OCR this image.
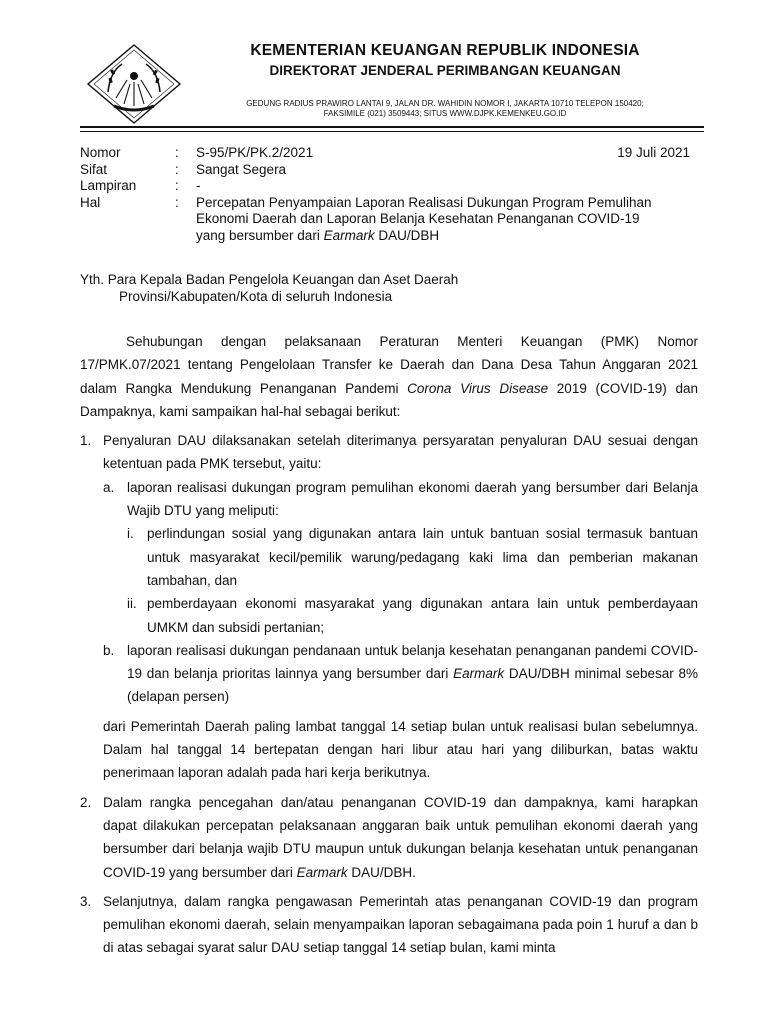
KEMENTERIAN KEUANGAN REPUBLIK INDONESIA
DIREKTORAT JENDERAL PERIMBANGAN KEUANGAN
GEDUNG RADIUS PRAWIRO LANTAI 9, JALAN DR. WAHIDIN NOMOR I, JAKARTA 10710 TELEPON 150420;
FAKSIMILE (021) 3509443; SITUS WWW.DJPK.KEMENKEU.GO.ID
Nomor	:	S-95/PK/PK.2/2021
Sifat	:	Sangat Segera
Lampiran	:	-
Hal	:	Percepatan Penyampaian Laporan Realisasi Dukungan Program Pemulihan
Ekonomi Daerah dan Laporan Belanja Kesehatan Penanganan COVID-19
yang bersumber dari Earmark DAU/DBH
19 Juli 2021
Yth. Para Kepala Badan Pengelola Keuangan dan Aset Daerah
Provinsi/Kabupaten/Kota di seluruh Indonesia

Sehubungan dengan pelaksanaan Peraturan Menteri Keuangan (PMK) Nomor 17/PMK.07/2021 tentang Pengelolaan Transfer ke Daerah dan Dana Desa Tahun Anggaran 2021 dalam Rangka Mendukung Penanganan Pandemi Corona Virus Disease 2019 (COVID-19) dan Dampaknya, kami sampaikan hal-hal sebagai berikut:

1. Penyaluran DAU dilaksanakan setelah diterimanya persyaratan penyaluran DAU sesuai dengan ketentuan pada PMK tersebut, yaitu:
a. laporan realisasi dukungan program pemulihan ekonomi daerah yang bersumber dari Belanja Wajib DTU yang meliputi:
i. perlindungan sosial yang digunakan antara lain untuk bantuan sosial termasuk bantuan untuk masyarakat kecil/pemilik warung/pedagang kaki lima dan pemberian makanan tambahan, dan
ii. pemberdayaan ekonomi masyarakat yang digunakan antara lain untuk pemberdayaan UMKM dan subsidi pertanian;
b. laporan realisasi dukungan pendanaan untuk belanja kesehatan penanganan pandemi COVID-19 dan belanja prioritas lainnya yang bersumber dari Earmark DAU/DBH minimal sebesar 8% (delapan persen)

dari Pemerintah Daerah paling lambat tanggal 14 setiap bulan untuk realisasi bulan sebelumnya. Dalam hal tanggal 14 bertepatan dengan hari libur atau hari yang diliburkan, batas waktu penerimaan laporan adalah pada hari kerja berikutnya.

2. Dalam rangka pencegahan dan/atau penanganan COVID-19 dan dampaknya, kami harapkan dapat dilakukan percepatan pelaksanaan anggaran baik untuk pemulihan ekonomi daerah yang bersumber dari belanja wajib DTU maupun untuk dukungan belanja kesehatan untuk penanganan COVID-19 yang bersumber dari Earmark DAU/DBH.
3. Selanjutnya, dalam rangka pengawasan Pemerintah atas penanganan COVID-19 dan program pemulihan ekonomi daerah, selain menyampaikan laporan sebagaimana pada poin 1 huruf a dan b di atas sebagai syarat salur DAU setiap tanggal 14 setiap bulan, kami minta
